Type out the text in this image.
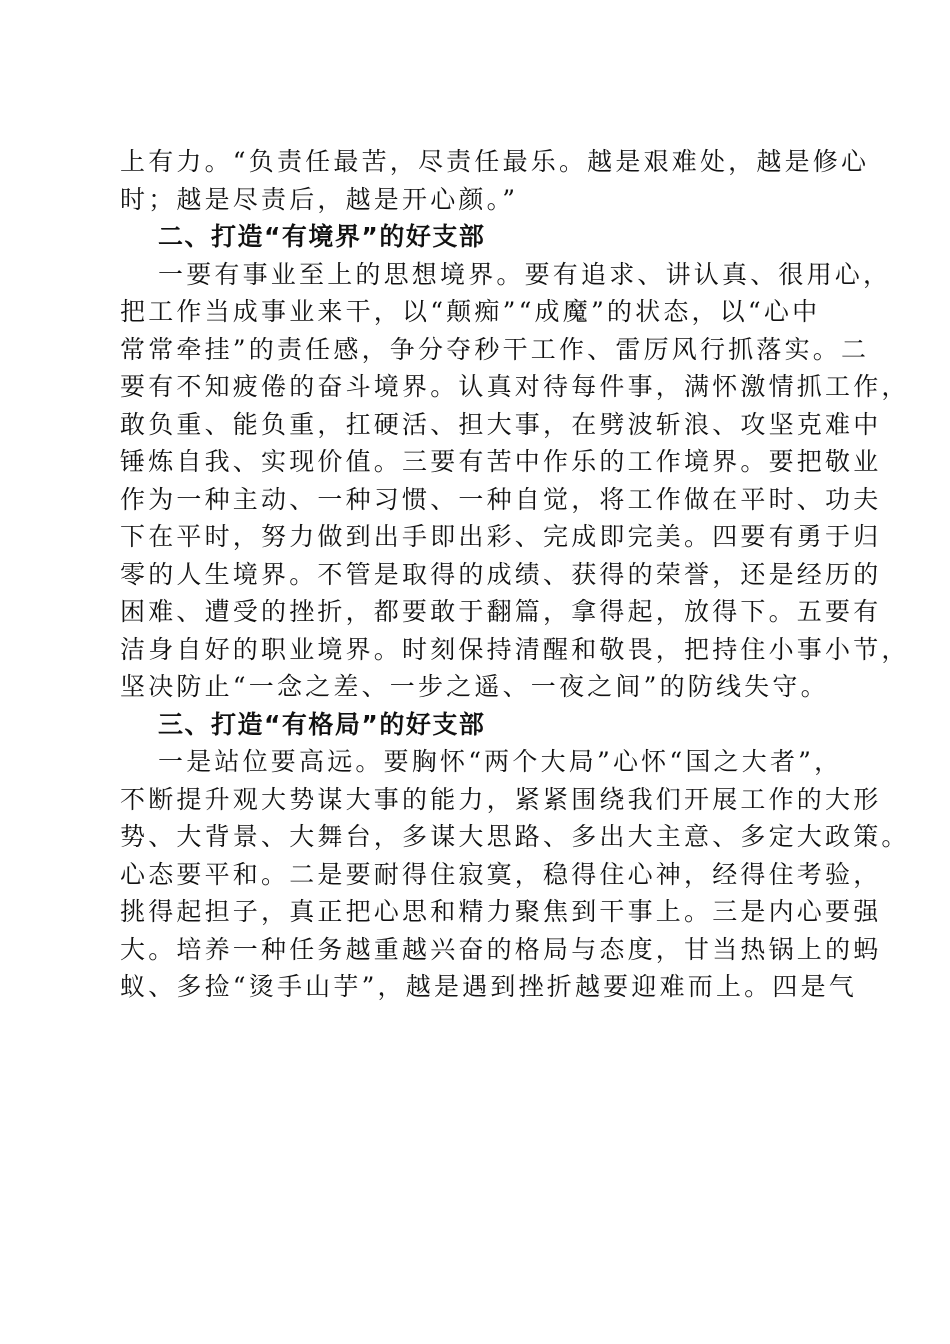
上有力。“负责任最苦，尽责任最乐。越是艰难处，越是修心
时；越是尽责后，越是开心颜。”
二、打造“有境界”的好支部
一要有事业至上的思想境界。要有追求、讲认真、很用心，
把工作当成事业来干，以“颠痴”“成魔”的状态，以“心中
常常牵挂”的责任感，争分夺秒干工作、雷厉风行抓落实。二
要有不知疲倦的奋斗境界。认真对待每件事，满怀激情抓工作，
敢负重、能负重，扛硬活、担大事，在劈波斩浪、攻坚克难中
锤炼自我、实现价值。三要有苦中作乐的工作境界。要把敬业
作为一种主动、一种习惯、一种自觉，将工作做在平时、功夫
下在平时，努力做到出手即出彩、完成即完美。四要有勇于归
零的人生境界。不管是取得的成绩、获得的荣誉，还是经历的
困难、遭受的挫折，都要敢于翻篇，拿得起，放得下。五要有
洁身自好的职业境界。时刻保持清醒和敬畏，把持住小事小节，
坚决防止“一念之差、一步之遥、一夜之间”的防线失守。
三、打造“有格局”的好支部
一是站位要高远。要胸怀“两个大局”心怀“国之大者”，
不断提升观大势谋大事的能力，紧紧围绕我们开展工作的大形
势、大背景、大舞台，多谋大思路、多出大主意、多定大政策。
心态要平和。二是要耐得住寂寞，稳得住心神，经得住考验，
挑得起担子，真正把心思和精力聚焦到干事上。三是内心要强
大。培养一种任务越重越兴奋的格局与态度，甘当热锅上的蚂
蚁、多捡“烫手山芋”，越是遇到挫折越要迎难而上。四是气
